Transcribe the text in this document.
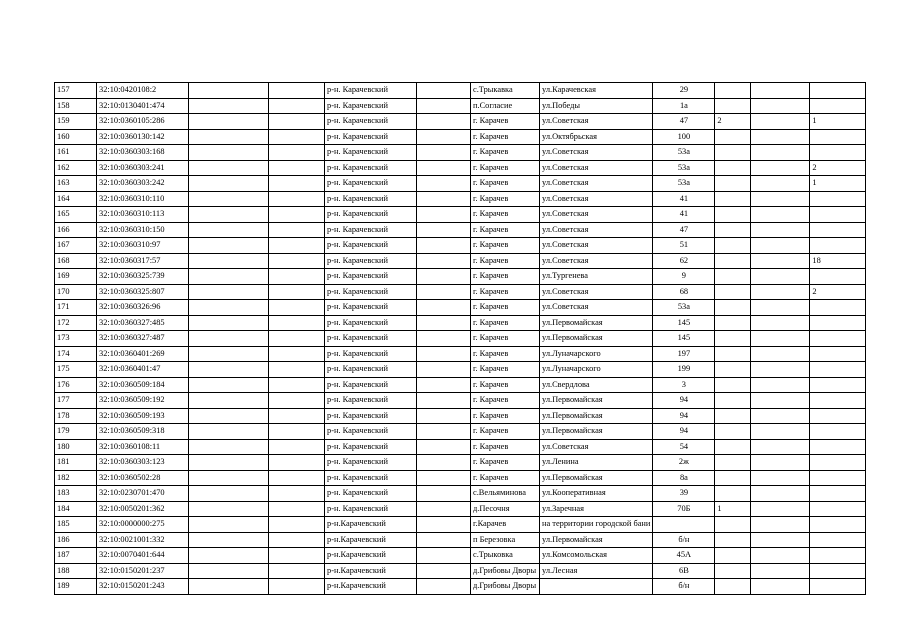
157	32:10:0420108:2			р-н. Карачевский		с.Трыкавка	ул.Карачевская	29			
158	32:10:0130401:474			р-н. Карачевский		п.Согласие	ул.Победы	1а			
159	32:10:0360105:286			р-н. Карачевский		г. Карачев	ул.Советская	47	2		1
160	32:10:0360130:142			р-н. Карачевский		г. Карачев	ул.Октябрьская	100			
161	32:10:0360303:168			р-н. Карачевский		г. Карачев	ул.Советская	53а			
162	32:10:0360303:241			р-н. Карачевский		г. Карачев	ул.Советская	53а			2
163	32:10:0360303:242			р-н. Карачевский		г. Карачев	ул.Советская	53а			1
164	32:10:0360310:110			р-н. Карачевский		г. Карачев	ул.Советская	41			
165	32:10:0360310:113			р-н. Карачевский		г. Карачев	ул.Советская	41			
166	32:10:0360310:150			р-н. Карачевский		г. Карачев	ул.Советская	47			
167	32:10:0360310:97			р-н. Карачевский		г. Карачев	ул.Советская	51			
168	32:10:0360317:57			р-н. Карачевский		г. Карачев	ул.Советская	62			18
169	32:10:0360325:739			р-н. Карачевский		г. Карачев	ул.Тургенева	9			
170	32:10:0360325:807			р-н. Карачевский		г. Карачев	ул.Советская	68			2
171	32:10:0360326:96			р-н. Карачевский		г. Карачев	ул.Советская	53а			
172	32:10:0360327:485			р-н. Карачевский		г. Карачев	ул.Первомайская	145			
173	32:10:0360327:487			р-н. Карачевский		г. Карачев	ул.Первомайская	145			
174	32:10:0360401:269			р-н. Карачевский		г. Карачев	ул.Луначарского	197			
175	32:10:0360401:47			р-н. Карачевский		г. Карачев	ул.Луначарского	199			
176	32:10:0360509:184			р-н. Карачевский		г. Карачев	ул.Свердлова	3			
177	32:10:0360509:192			р-н. Карачевский		г. Карачев	ул.Первомайская	94			
178	32:10:0360509:193			р-н. Карачевский		г. Карачев	ул.Первомайская	94			
179	32:10:0360509:318			р-н. Карачевский		г. Карачев	ул.Первомайская	94			
180	32:10:0360108:11			р-н. Карачевский		г. Карачев	ул.Советская	54			
181	32:10:0360303:123			р-н. Карачевский		г. Карачев	ул.Ленина	2ж			
182	32:10:0360502:28			р-н. Карачевский		г. Карачев	ул.Первомайская	8а			
183	32:10:0230701:470			р-н. Карачевский		с.Вельяминова	ул.Кооперативная	39			
184	32:10:0050201:362			р-н. Карачевский		д.Песочня	ул.Заречная	70Б	1		
185	32:10:0000000:275			р-н.Карачевский		г.Карачев	на территории городской бани				
186	32:10:0021001:332			р-н.Карачевский		п Березовка	ул.Первомайская	б/н			
187	32:10:0070401:644			р-н.Карачевский		с.Трыковка	ул.Комсомольская	45А			
188	32:10:0150201:237			р-н.Карачевский		д.Грибовы Дворы	ул.Лесная	6В			
189	32:10:0150201:243			р-н.Карачевский		д.Грибовы Дворы		б/н			
